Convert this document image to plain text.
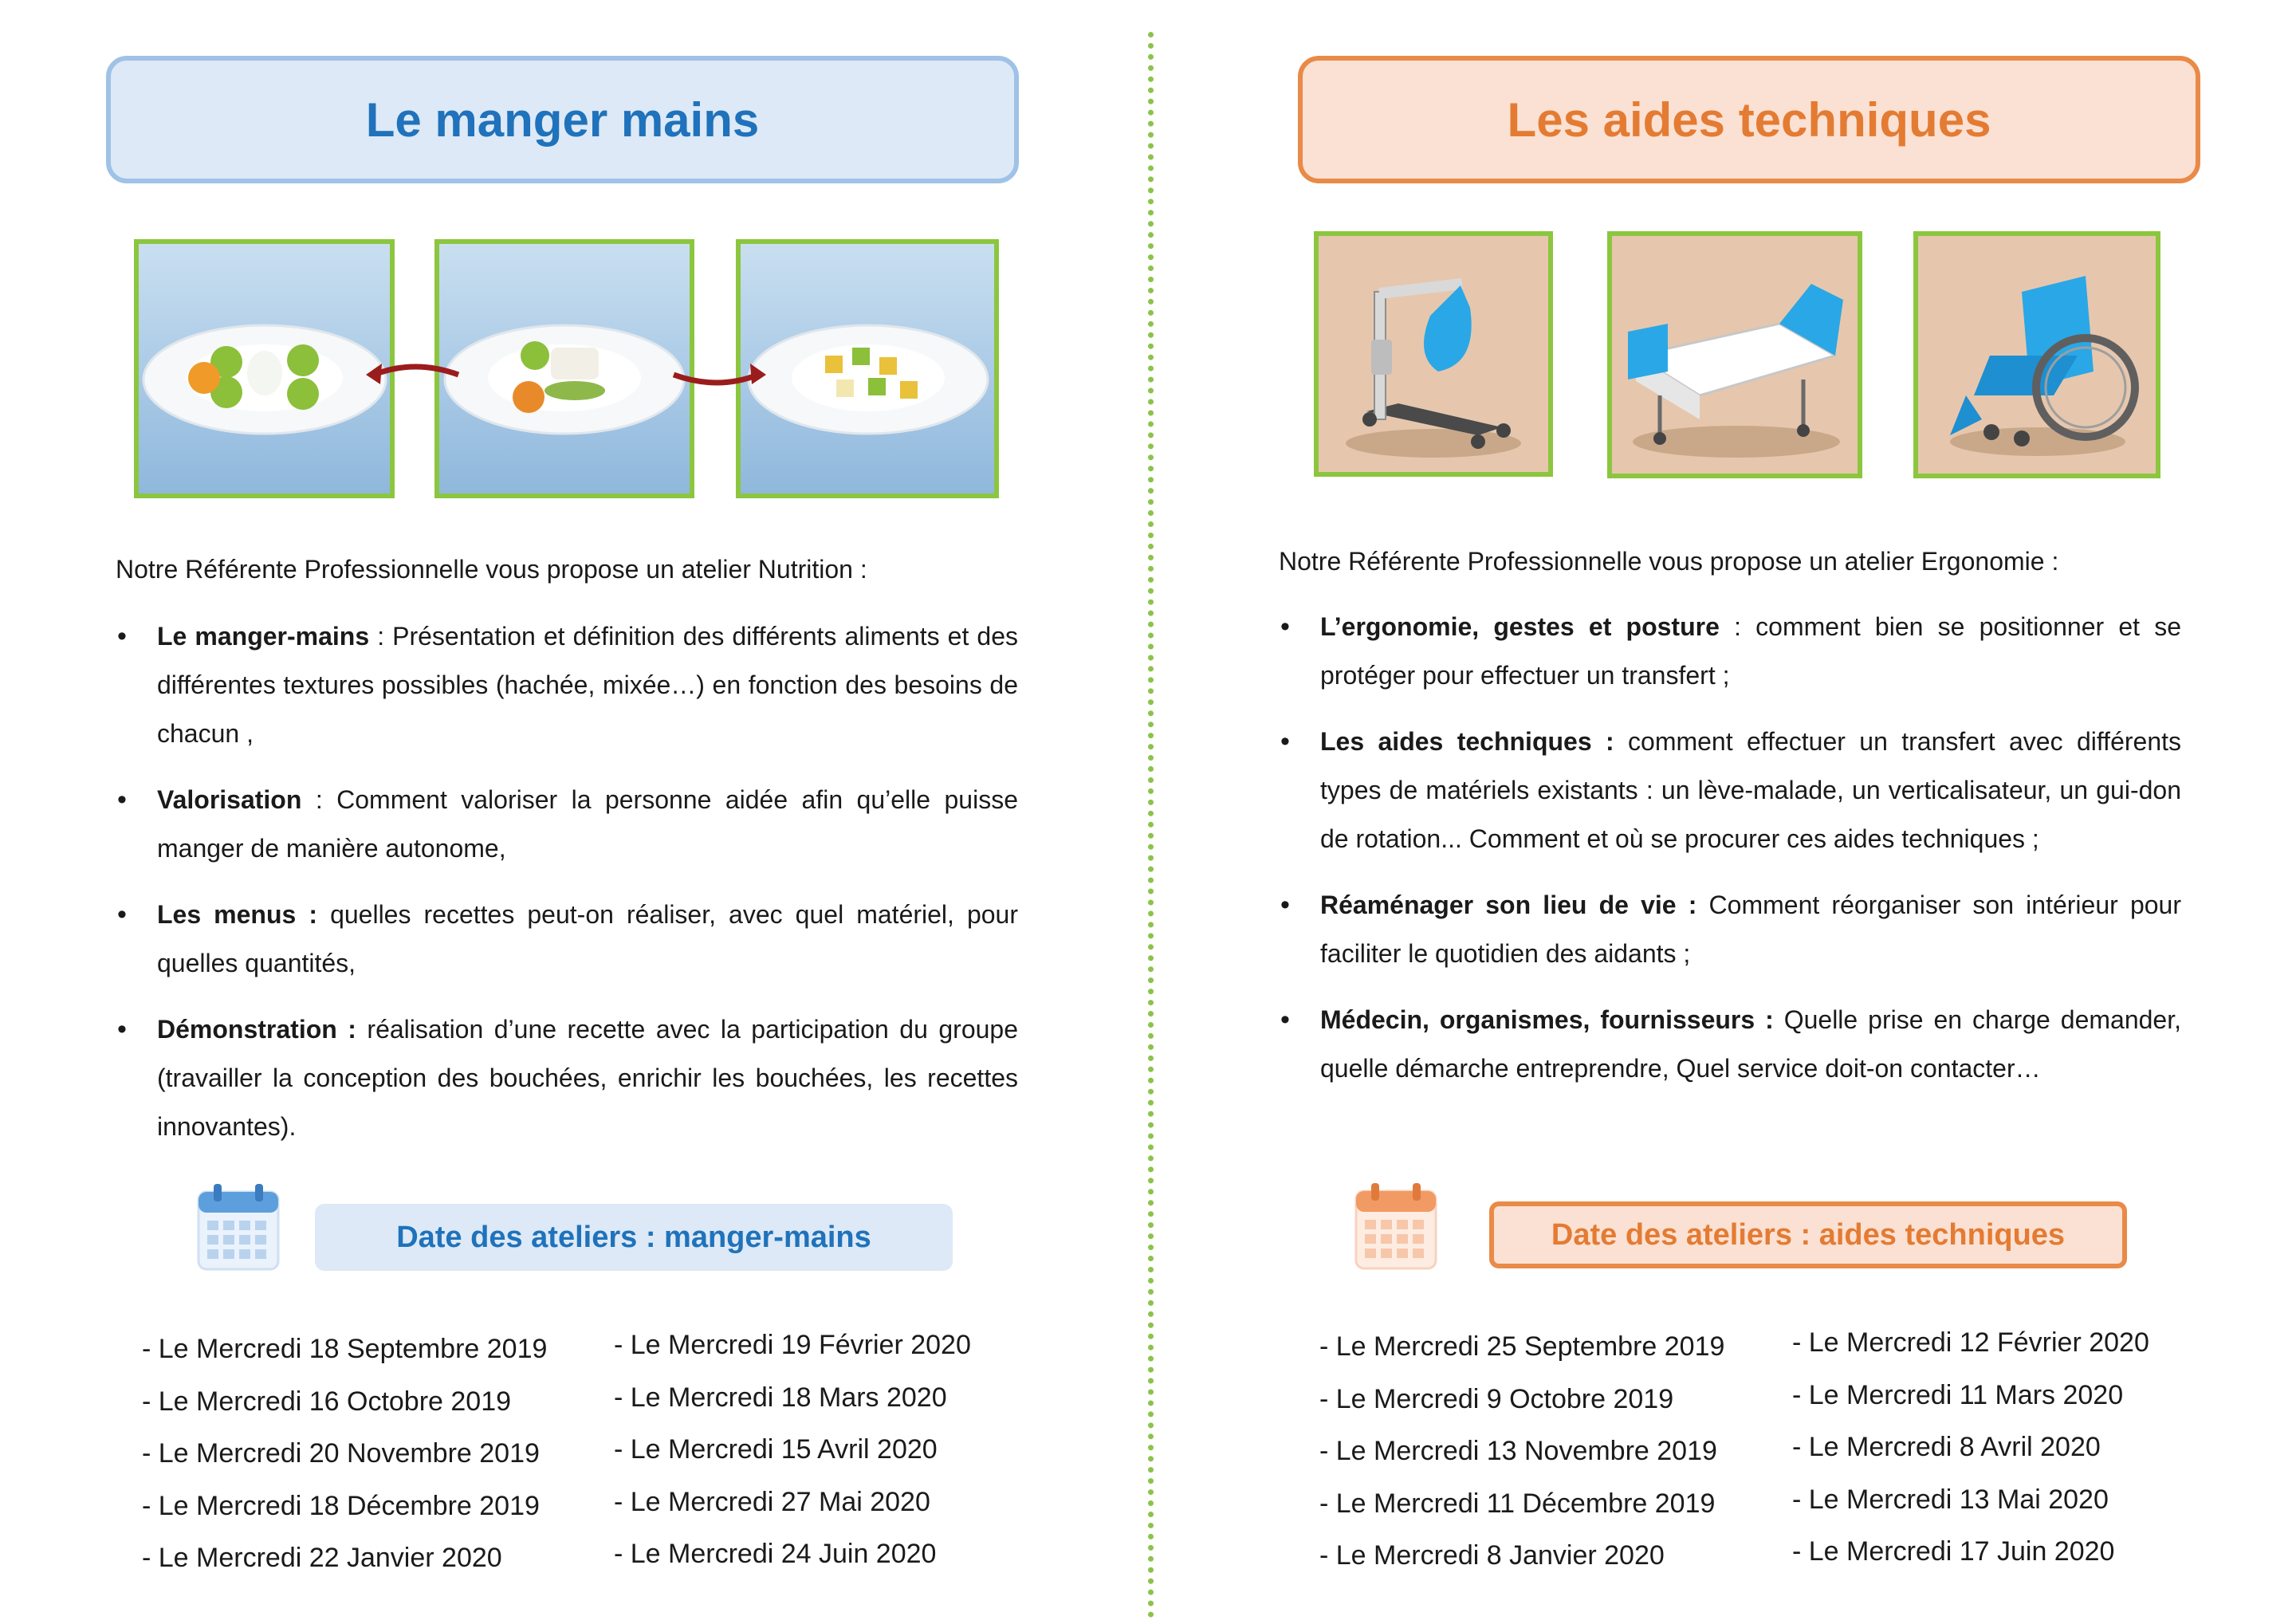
Le manger mains

Notre Référente Professionnelle vous propose un atelier Nutrition :

• Le manger-mains : Présentation et définition des différents aliments et des différentes textures possibles (hachée, mixée…) en fonction des besoins de chacun ,
• Valorisation : Comment valoriser la personne aidée afin qu’elle puisse manger de manière autonome,
• Les menus : quelles recettes peut-on réaliser, avec quel matériel, pour quelles quantités,
• Démonstration : réalisation d’une recette avec la participation du groupe (travailler la conception des bouchées, enrichir les bouchées, les recettes innovantes).
Date des ateliers : manger-mains
- Le Mercredi 18 Septembre 2019
- Le Mercredi 16 Octobre 2019
- Le Mercredi 20 Novembre 2019
- Le Mercredi 18 Décembre 2019
- Le Mercredi 22 Janvier 2020
- Le Mercredi 19 Février 2020
- Le Mercredi 18 Mars 2020
- Le Mercredi 15 Avril 2020
- Le Mercredi 27 Mai 2020
- Le Mercredi 24 Juin 2020
Les aides techniques

Notre Référente Professionnelle vous propose un atelier Ergonomie :

• L’ergonomie, gestes et posture : comment bien se positionner et se protéger pour effectuer un transfert ;
• Les aides techniques : comment effectuer un transfert avec différents types de matériels existants : un lève-malade, un verticalisateur, un gui-don de rotation... Comment et où se procurer ces aides techniques ;
• Réaménager son lieu de vie : Comment réorganiser son intérieur pour faciliter le quotidien des aidants ;
• Médecin, organismes, fournisseurs : Quelle prise en charge demander, quelle démarche entreprendre, Quel service doit-on contacter…
Date des ateliers : aides techniques
- Le Mercredi 25 Septembre 2019
- Le Mercredi 9 Octobre 2019
- Le Mercredi 13 Novembre 2019
- Le Mercredi 11 Décembre 2019
- Le Mercredi 8 Janvier 2020
- Le Mercredi 12 Février 2020
- Le Mercredi 11 Mars 2020
- Le Mercredi 8 Avril 2020
- Le Mercredi 13 Mai 2020
- Le Mercredi 17 Juin 2020
